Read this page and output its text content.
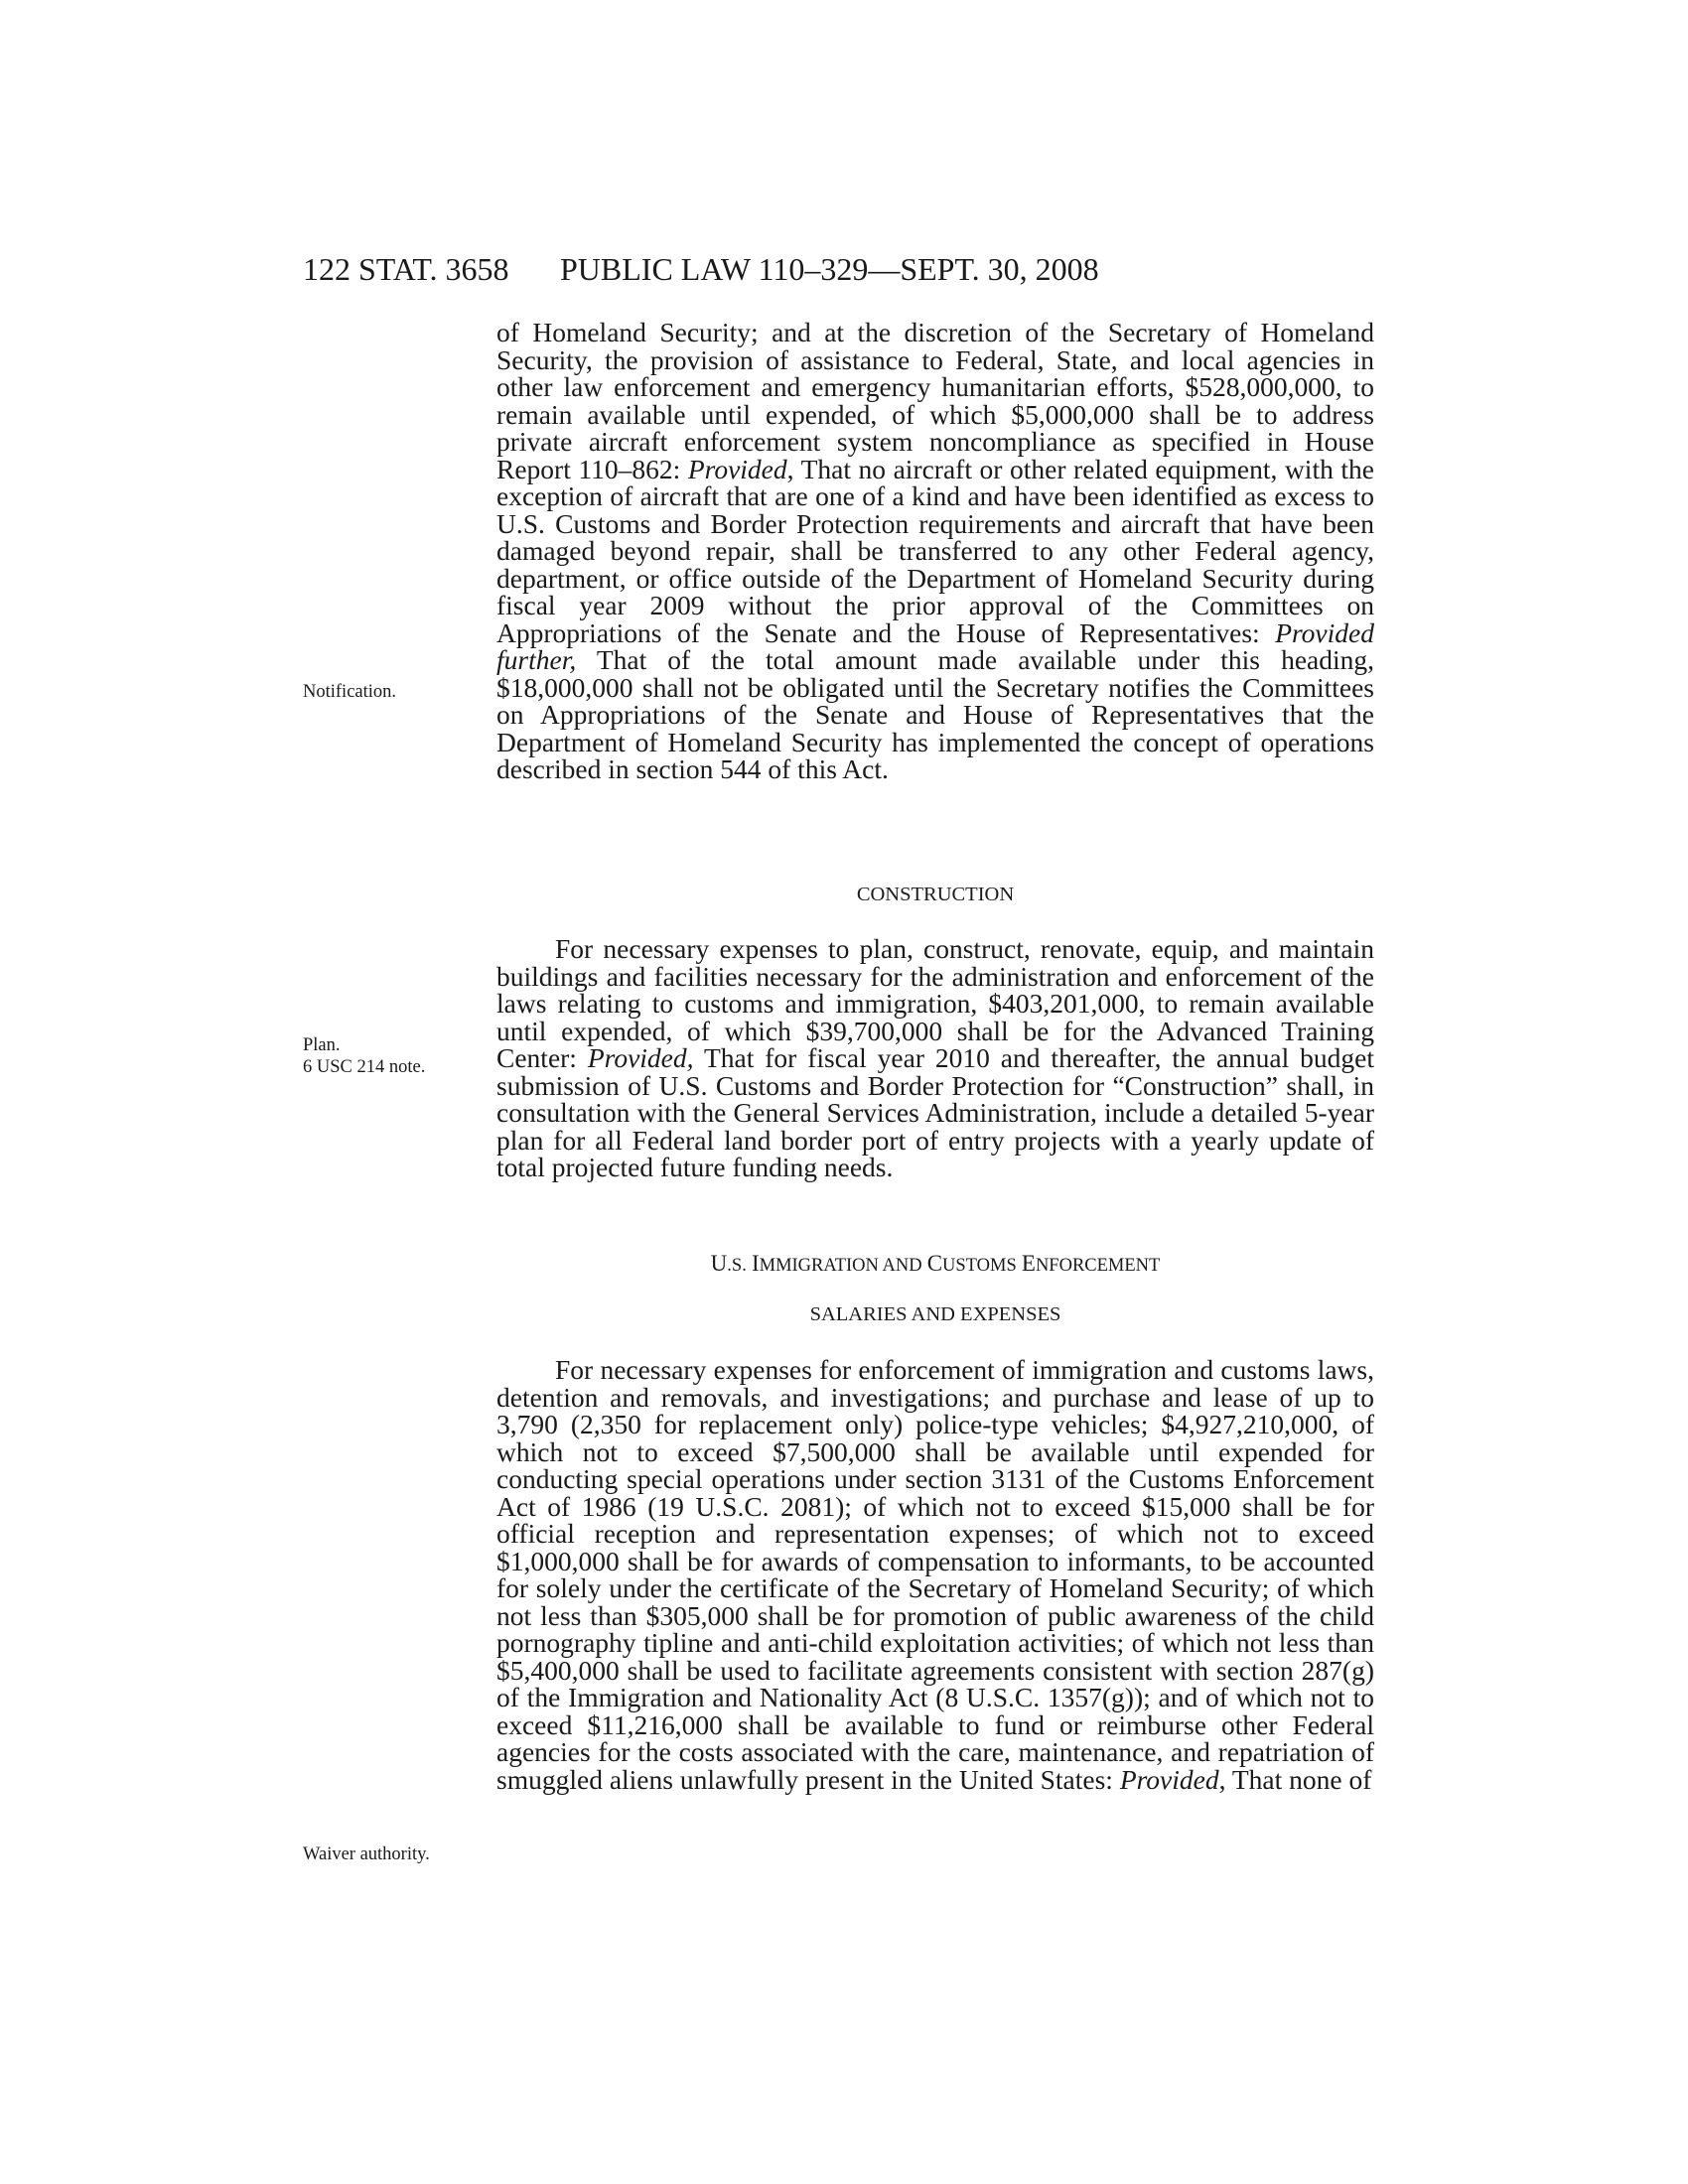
122 STAT. 3658 PUBLIC LAW 110–329—SEPT. 30, 2008

of Homeland Security; and at the discretion of the Secretary of Homeland Security, the provision of assistance to Federal, State, and local agencies in other law enforcement and emergency humanitarian efforts, $528,000,000, to remain available until expended, of which $5,000,000 shall be to address private aircraft enforcement system noncompliance as specified in House Report 110–862: Provided, That no aircraft or other related equipment, with the exception of aircraft that are one of a kind and have been identified as excess to U.S. Customs and Border Protection requirements and aircraft that have been damaged beyond repair, shall be transferred to any other Federal agency, department, or office outside of the Department of Homeland Security during fiscal year 2009 without the prior approval of the Committees on Appropriations of the Senate and the House of Representatives: Provided further, That of the total amount made available under this heading, $18,000,000 shall not be obligated until the Secretary notifies the Committees on Appropriations of the Senate and House of Representatives that the Department of Homeland Security has implemented the concept of operations described in section 544 of this Act.

Notification.
CONSTRUCTION

For necessary expenses to plan, construct, renovate, equip, and maintain buildings and facilities necessary for the administration and enforcement of the laws relating to customs and immigration, $403,201,000, to remain available until expended, of which $39,700,000 shall be for the Advanced Training Center: Provided, That for fiscal year 2010 and thereafter, the annual budget submission of U.S. Customs and Border Protection for “Construction” shall, in consultation with the General Services Administration, include a detailed 5-year plan for all Federal land border port of entry projects with a yearly update of total projected future funding needs.

Plan.
6 USC 214 note.
U.S. IMMIGRATION AND CUSTOMS ENFORCEMENT
SALARIES AND EXPENSES

For necessary expenses for enforcement of immigration and customs laws, detention and removals, and investigations; and purchase and lease of up to 3,790 (2,350 for replacement only) police-type vehicles; $4,927,210,000, of which not to exceed $7,500,000 shall be available until expended for conducting special operations under section 3131 of the Customs Enforcement Act of 1986 (19 U.S.C. 2081); of which not to exceed $15,000 shall be for official reception and representation expenses; of which not to exceed $1,000,000 shall be for awards of compensation to informants, to be accounted for solely under the certificate of the Secretary of Homeland Security; of which not less than $305,000 shall be for promotion of public awareness of the child pornography tipline and anti-child exploitation activities; of which not less than $5,400,000 shall be used to facilitate agreements consistent with section 287(g) of the Immigration and Nationality Act (8 U.S.C. 1357(g)); and of which not to exceed $11,216,000 shall be available to fund or reimburse other Federal agencies for the costs associated with the care, maintenance, and repatriation of smuggled aliens unlawfully present in the United States: Provided, That none of

Waiver authority.
